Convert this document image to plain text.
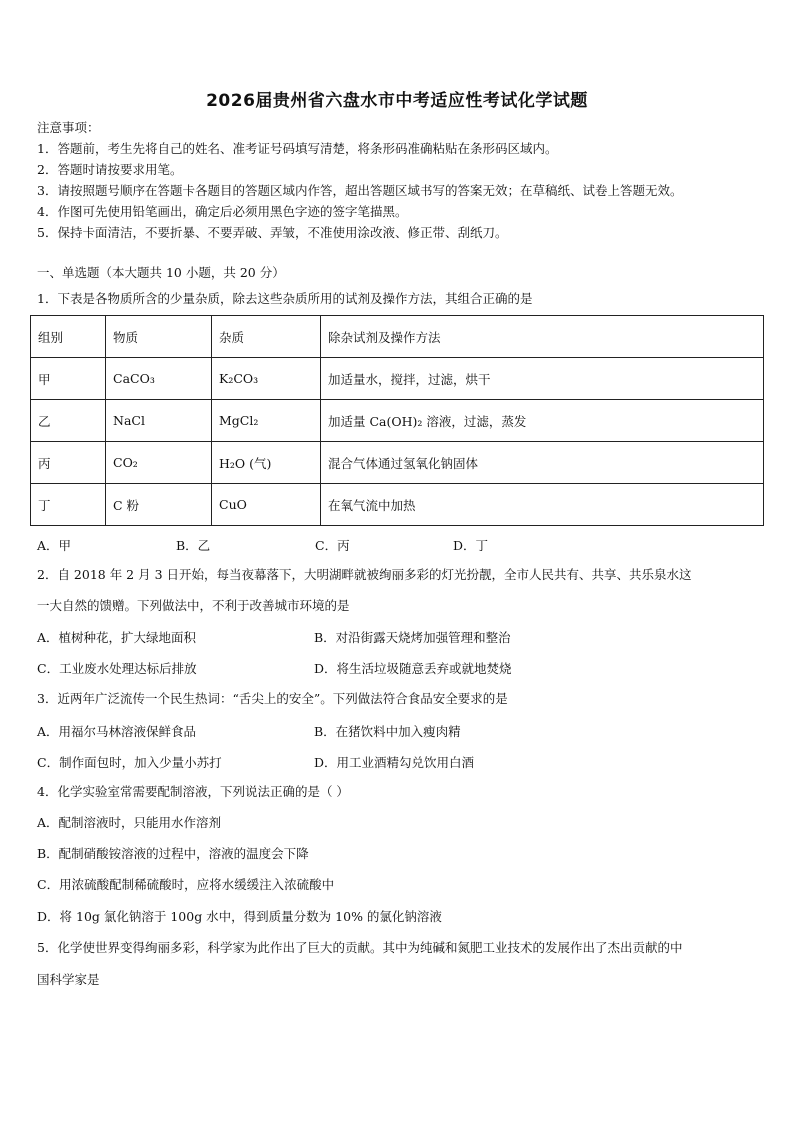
2026届贵州省六盘水市中考适应性考试化学试题
注意事项：
1．答题前，考生先将自己的姓名、准考证号码填写清楚，将条形码准确粘贴在条形码区域内。
2．答题时请按要求用笔。
3．请按照题号顺序在答题卡各题目的答题区域内作答，超出答题区域书写的答案无效；在草稿纸、试卷上答题无效。
4．作图可先使用铅笔画出，确定后必须用黑色字迹的签字笔描黑。
5．保持卡面清洁，不要折暴、不要弄破、弄皱，不准使用涂改液、修正带、刮纸刀。
一、单选题（本大题共 10 小题，共 20 分）
1．下表是各物质所含的少量杂质，除去这些杂质所用的试剂及操作方法，其组合正确的是
组别	物质	杂质	除杂试剂及操作方法
甲	CaCO₃	K₂CO₃	加适量水，搅拌，过滤，烘干
乙	NaCl	MgCl₂	加适量 Ca(OH)₂ 溶液，过滤，蒸发
丙	CO₂	H₂O (气)	混合气体通过氢氧化钠固体
丁	C 粉	CuO	在氧气流中加热
A．甲	B．乙	C．丙	D．丁
2．自 2018 年 2 月 3 日开始，每当夜幕落下，大明湖畔就被绚丽多彩的灯光扮靓，全市人民共有、共享、共乐泉水这
一大自然的馈赠。下列做法中，不利于改善城市环境的是
A．植树种花，扩大绿地面积	B．对沿街露天烧烤加强管理和整治
C．工业废水处理达标后排放	D．将生活垃圾随意丢弃或就地焚烧
3．近两年广泛流传一个民生热词：“舌尖上的安全”。下列做法符合食品安全要求的是
A．用福尔马林溶液保鲜食品	B．在猪饮料中加入瘦肉精
C．制作面包时，加入少量小苏打	D．用工业酒精勾兑饮用白酒
4．化学实验室常需要配制溶液，下列说法正确的是（ ）
A．配制溶液时，只能用水作溶剂
B．配制硝酸铵溶液的过程中，溶液的温度会下降
C．用浓硫酸配制稀硫酸时，应将水缓缓注入浓硫酸中
D．将 10g 氯化钠溶于 100g 水中，得到质量分数为 10% 的氯化钠溶液
5．化学使世界变得绚丽多彩，科学家为此作出了巨大的贡献。其中为纯碱和氮肥工业技术的发展作出了杰出贡献的中
国科学家是
